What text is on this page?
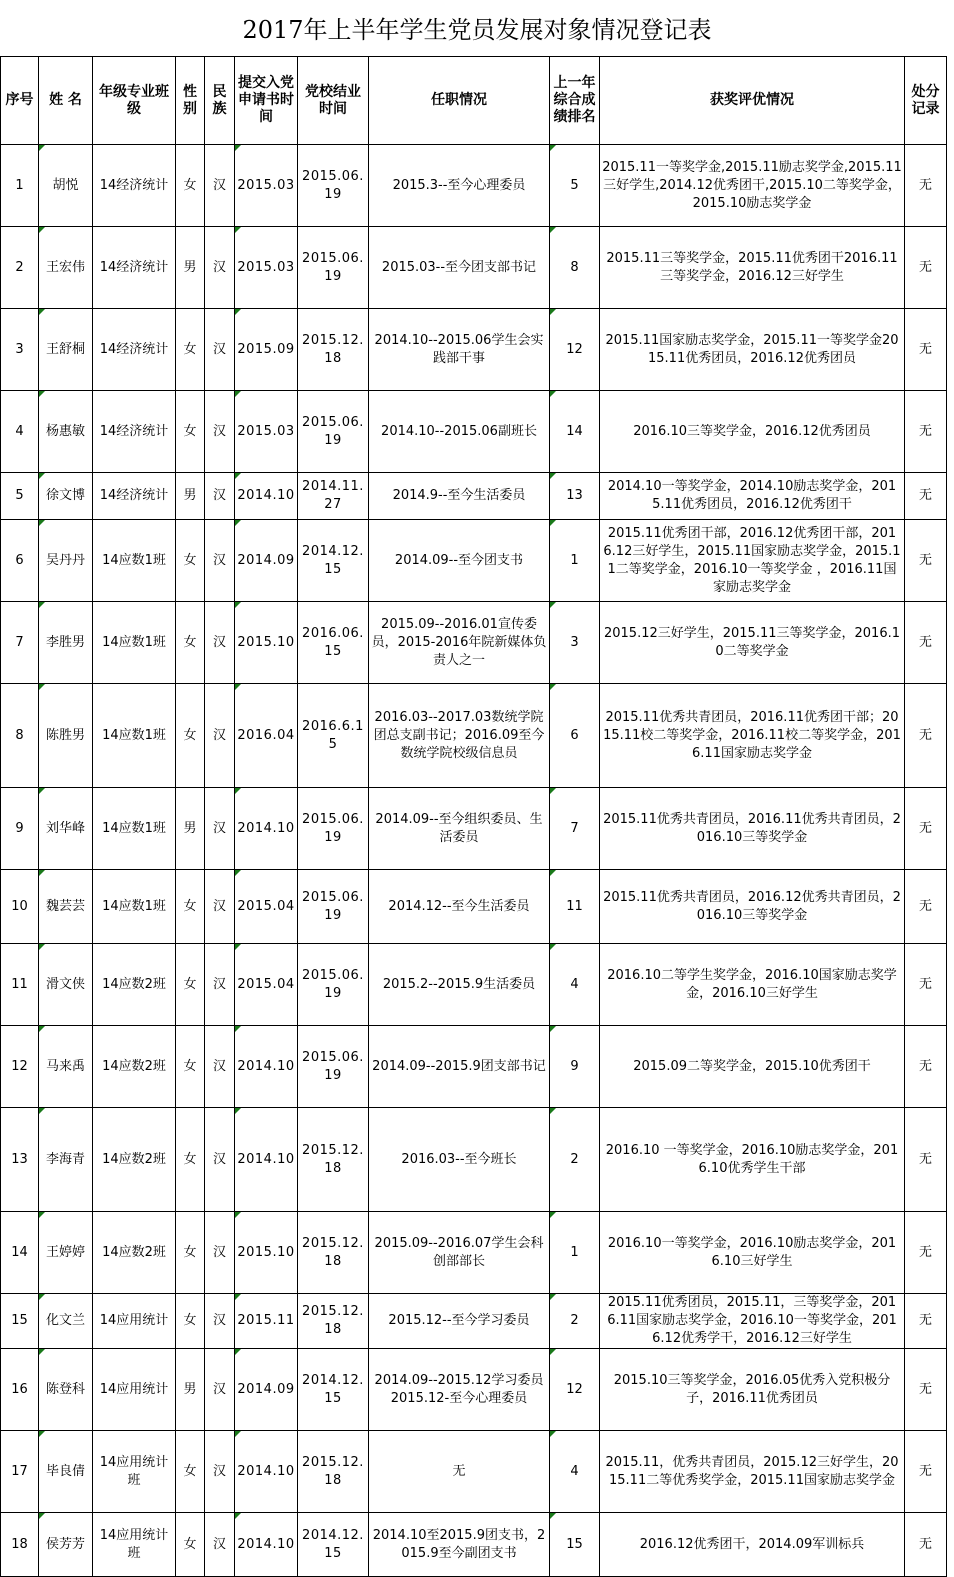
2017年上半年学生党员发展对象情况登记表
序号	姓 名	年级专业班级	性别	民族	提交入党申请书时间	党校结业时间	任职情况	上一年综合成绩排名	获奖评优情况	处分记录
1	胡悦	14经济统计	女	汉	2015.03	2015.06.19	2015.3--至今心理委员	5	2015.11一等奖学金,2015.11励志奖学金,2015.11三好学生,2014.12优秀团干,2015.10二等奖学金，2015.10励志奖学金	无
2	王宏伟	14经济统计	男	汉	2015.03	2015.06.19	2015.03--至今团支部书记	8	2015.11三等奖学金，2015.11优秀团干2016.11三等奖学金，2016.12三好学生	无
3	王舒桐	14经济统计	女	汉	2015.09	2015.12.18	2014.10--2015.06学生会实践部干事	12	2015.11国家励志奖学金，2015.11一等奖学金2015.11优秀团员，2016.12优秀团员	无
4	杨惠敏	14经济统计	女	汉	2015.03	2015.06.19	2014.10--2015.06副班长	14	2016.10三等奖学金，2016.12优秀团员	无
5	徐文博	14经济统计	男	汉	2014.10	2014.11.27	2014.9--至今生活委员	13	2014.10一等奖学金，2014.10励志奖学金，2015.11优秀团员，2016.12优秀团干	无
6	吴丹丹	14应数1班	女	汉	2014.09	2014.12.15	2014.09--至今团支书	1	2015.11优秀团干部，2016.12优秀团干部，2016.12三好学生，2015.11国家励志奖学金，2015.11二等奖学金，2016.10一等奖学金 ，2016.11国家励志奖学金	无
7	李胜男	14应数1班	女	汉	2015.10	2016.06.15	2015.09--2016.01宣传委员，2015-2016年院新媒体负责人之一	3	2015.12三好学生，2015.11三等奖学金，2016.10二等奖学金	无
8	陈胜男	14应数1班	女	汉	2016.04	2016.6.15	2016.03--2017.03数统学院团总支副书记；2016.09至今数统学院校级信息员	6	2015.11优秀共青团员，2016.11优秀团干部；2015.11校二等奖学金，2016.11校二等奖学金，2016.11国家励志奖学金	无
9	刘华峰	14应数1班	男	汉	2014.10	2015.06.19	2014.09--至今组织委员、生活委员	7	2015.11优秀共青团员，2016.11优秀共青团员，2016.10三等奖学金	无
10	魏芸芸	14应数1班	女	汉	2015.04	2015.06.19	2014.12--至今生活委员	11	2015.11优秀共青团员，2016.12优秀共青团员，2016.10三等奖学金	无
11	滑文侠	14应数2班	女	汉	2015.04	2015.06.19	2015.2--2015.9生活委员	4	2016.10二等学生奖学金，2016.10国家励志奖学金，2016.10三好学生	无
12	马来禹	14应数2班	女	汉	2014.10	2015.06.19	2014.09--2015.9团支部书记	9	2015.09二等奖学金，2015.10优秀团干	无
13	李海青	14应数2班	女	汉	2014.10	2015.12.18	2016.03--至今班长	2	2016.10 一等奖学金，2016.10励志奖学金，2016.10优秀学生干部	无
14	王婷婷	14应数2班	女	汉	2015.10	2015.12.18	2015.09--2016.07学生会科创部部长	1	2016.10一等奖学金，2016.10励志奖学金，2016.10三好学生	无
15	化文兰	14应用统计	女	汉	2015.11	2015.12.18	2015.12--至今学习委员	2	2015.11优秀团员，2015.11，三等奖学金，2016.11国家励志奖学金，2016.10一等奖学金，2016.12优秀学干，2016.12三好学生	无
16	陈登科	14应用统计	男	汉	2014.09	2014.12.15	2014.09--2015.12学习委员2015.12-至今心理委员	12	2015.10三等奖学金，2016.05优秀入党积极分子，2016.11优秀团员	无
17	毕良倩	14应用统计班	女	汉	2014.10	2015.12.18	无	4	2015.11，优秀共青团员，2015.12三好学生，2015.11二等优秀奖学金，2015.11国家励志奖学金	无
18	侯芳芳	14应用统计班	女	汉	2014.10	2014.12.15	2014.10至2015.9团支书，2015.9至今副团支书	15	2016.12优秀团干，2014.09军训标兵	无
